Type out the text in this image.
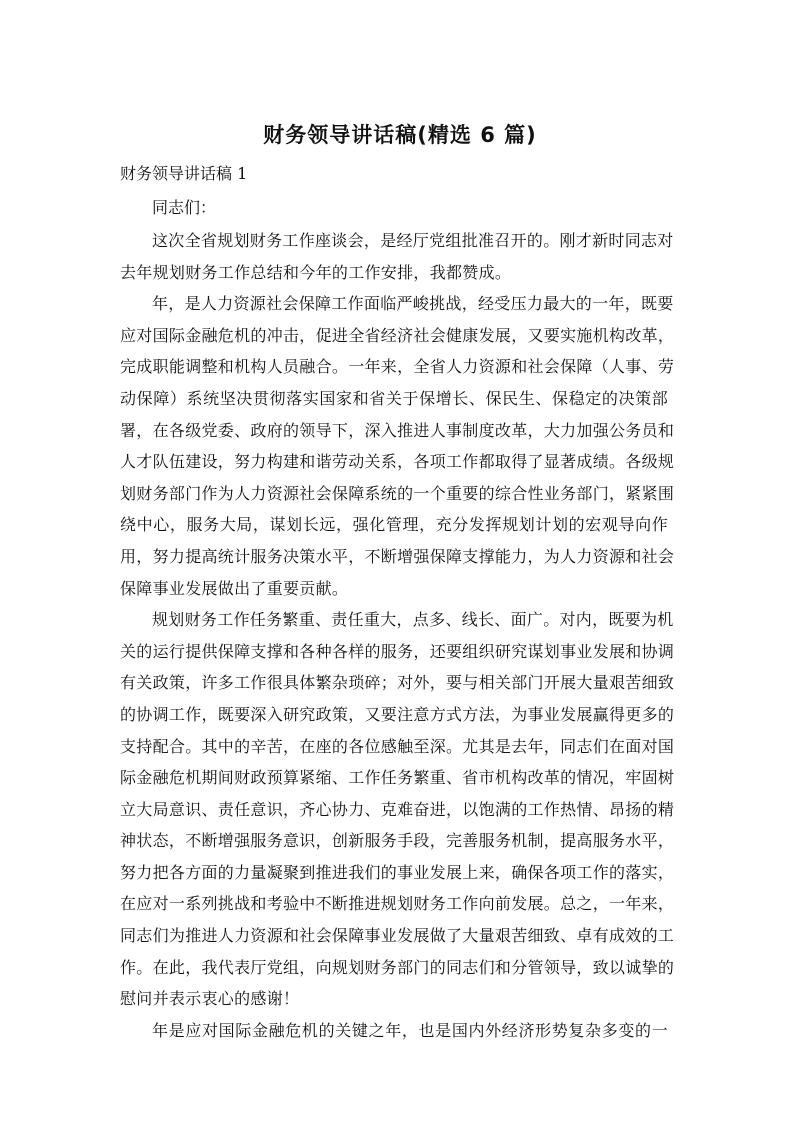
财务领导讲话稿(精选 6 篇)
财务领导讲话稿 1
同志们：
这次全省规划财务工作座谈会，是经厅党组批准召开的。刚才新时同志对
去年规划财务工作总结和今年的工作安排，我都赞成。
年，是人力资源社会保障工作面临严峻挑战，经受压力最大的一年，既要
应对国际金融危机的冲击，促进全省经济社会健康发展，又要实施机构改革，
完成职能调整和机构人员融合。一年来，全省人力资源和社会保障（人事、劳
动保障）系统坚决贯彻落实国家和省关于保增长、保民生、保稳定的决策部
署，在各级党委、政府的领导下，深入推进人事制度改革，大力加强公务员和
人才队伍建设，努力构建和谐劳动关系，各项工作都取得了显著成绩。各级规
划财务部门作为人力资源社会保障系统的一个重要的综合性业务部门，紧紧围
绕中心，服务大局，谋划长远，强化管理，充分发挥规划计划的宏观导向作
用，努力提高统计服务决策水平，不断增强保障支撑能力，为人力资源和社会
保障事业发展做出了重要贡献。
规划财务工作任务繁重、责任重大，点多、线长、面广。对内，既要为机
关的运行提供保障支撑和各种各样的服务，还要组织研究谋划事业发展和协调
有关政策，许多工作很具体繁杂琐碎；对外，要与相关部门开展大量艰苦细致
的协调工作，既要深入研究政策，又要注意方式方法，为事业发展赢得更多的
支持配合。其中的辛苦，在座的各位感触至深。尤其是去年，同志们在面对国
际金融危机期间财政预算紧缩、工作任务繁重、省市机构改革的情况，牢固树
立大局意识、责任意识，齐心协力、克难奋进，以饱满的工作热情、昂扬的精
神状态，不断增强服务意识，创新服务手段，完善服务机制，提高服务水平，
努力把各方面的力量凝聚到推进我们的事业发展上来，确保各项工作的落实，
在应对一系列挑战和考验中不断推进规划财务工作向前发展。总之，一年来，
同志们为推进人力资源和社会保障事业发展做了大量艰苦细致、卓有成效的工
作。在此，我代表厅党组，向规划财务部门的同志们和分管领导，致以诚挚的
慰问并表示衷心的感谢！
年是应对国际金融危机的关键之年，也是国内外经济形势复杂多变的一
